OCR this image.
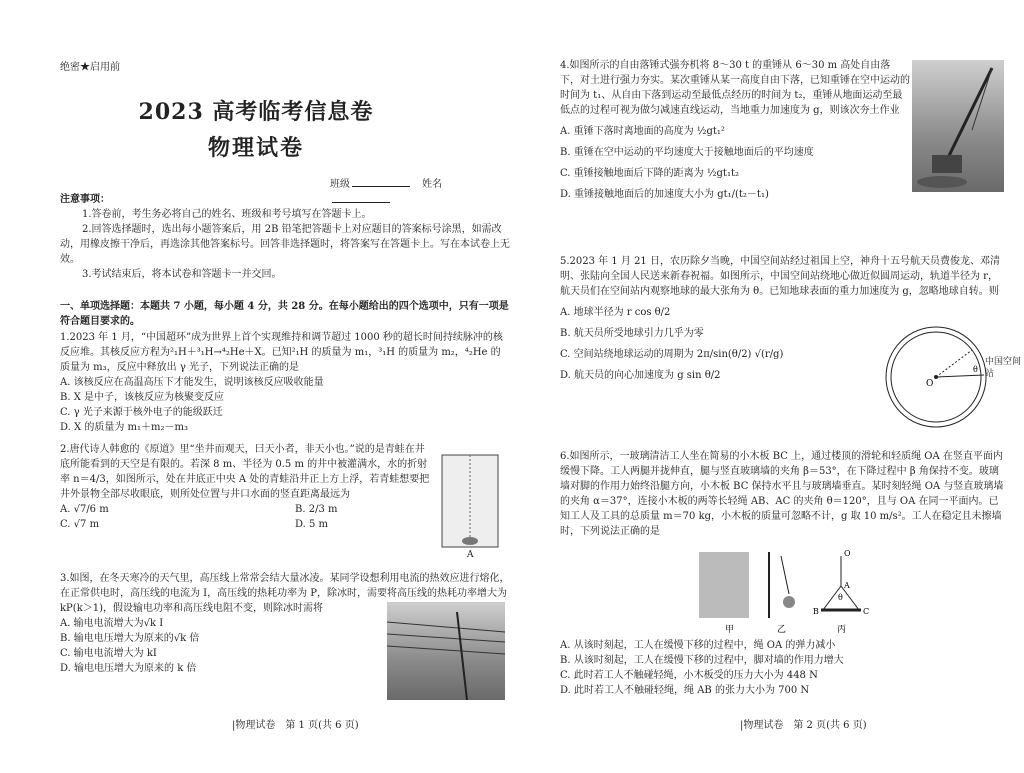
绝密★启用前
2023 高考临考信息卷
物理试卷
班级	姓名

注意事项：

1.答卷前，考生务必将自己的姓名、班级和考号填写在答题卡上。

2.回答选择题时，选出每小题答案后，用 2B 铅笔把答题卡上对应题目的答案标号涂黑，如需改动，用橡皮擦干净后，再选涂其他答案标号。回答非选择题时，将答案写在答题卡上。写在本试卷上无效。

3.考试结束后，将本试卷和答题卡一并交回。

一、单项选择题：本题共 7 小题，每小题 4 分，共 28 分。在每小题给出的四个选项中，只有一项是符合题目要求的。

1.2023 年 1 月，“中国超环”成为世界上首个实现维持和调节超过 1000 秒的超长时间持续脉冲的核反应堆。其核反应方程为²₁H＋³₁H→⁴₂He＋X。已知²₁H 的质量为 m₁，³₁H 的质量为 m₂，⁴₂He 的质量为 m₃，反应中释放出 γ 光子，下列说法正确的是

A. 该核反应在高温高压下才能发生，说明该核反应吸收能量

B. X 是中子，该核反应为核聚变反应

C. γ 光子来源于核外电子的能级跃迁

D. X 的质量为 m₁＋m₂－m₃

2.唐代诗人韩愈的《原道》里“坐井而观天，曰天小者，非天小也。”说的是青蛙在井底所能看到的天空是有限的。若深 8 m、半径为 0.5 m 的井中被灌满水，水的折射率 n＝4/3，如图所示，处在井底正中央 A 处的青蛙沿井正上方上浮，若青蛙想要把井外景物全部尽收眼底，则所处位置与井口水面的竖直距离最远为

A. √7/6 m	B. 2/3 m

C. √7 m	D. 5 m

A

3.如图，在冬天寒冷的天气里，高压线上常常会结大量冰凌。某同学设想利用电流的热效应进行熔化，在正常供电时，高压线的电流为 I，高压线的热耗功率为 P，除冰时，需要将高压线的热耗功率增大为 kP(k＞1)，假设输电功率和高压线电阻不变，则除冰时需将

A. 输电电流增大为√k I

B. 输电电压增大为原来的√k 倍

C. 输电电流增大为 kI

D. 输电电压增大为原来的 k 倍

|物理试卷　第 1 页(共 6 页)

4.如图所示的自由落锤式强夯机将 8～30 t 的重锤从 6～30 m 高处自由落下，对土进行强力夯实。某次重锤从某一高度自由下落，已知重锤在空中运动的时间为 t₁、从自由下落到运动至最低点经历的时间为 t₂，重锤从地面运动至最低点的过程可视为做匀减速直线运动，当地重力加速度为 g，则该次夯土作业

A. 重锤下落时离地面的高度为 ½gt₁²

B. 重锤在空中运动的平均速度大于接触地面后的平均速度

C. 重锤接触地面后下降的距离为 ½gt₁t₂

D. 重锤接触地面后的加速度大小为 gt₁/(t₂－t₁)

5.2023 年 1 月 21 日，农历除夕当晚，中国空间站经过祖国上空，神舟十五号航天员费俊龙、邓清明、张陆向全国人民送来新春祝福。如图所示，中国空间站绕地心做近似圆周运动，轨道半径为 r，航天员们在空间站内观察地球的最大张角为 θ。已知地球表面的重力加速度为 g，忽略地球自转。则

A. 地球半径为 r cos θ/2

B. 航天员所受地球引力几乎为零

C. 空间站绕地球运动的周期为 2π/sin(θ/2) √(r/g)

D. 航天员的向心加速度为 g sin θ/2

O
θ
中国空间站

6.如图所示，一玻璃清洁工人坐在简易的小木板 BC 上，通过楼顶的滑轮和轻质绳 OA 在竖直平面内缓慢下降。工人两腿并拢伸直，腿与竖直玻璃墙的夹角 β＝53°，在下降过程中 β 角保持不变。玻璃墙对脚的作用力始终沿腿方向，小木板 BC 保持水平且与玻璃墙垂直。某时刻轻绳 OA 与竖直玻璃墙的夹角 α＝37°，连接小木板的两等长轻绳 AB、AC 的夹角 θ＝120°，且与 OA 在同一平面内。已知工人及工具的总质量 m＝70 kg，小木板的质量可忽略不计，g 取 10 m/s²。工人在稳定且未擦墙时，下列说法正确的是

甲	乙	丙
O
A
B	C
θ

A. 从该时刻起，工人在缓慢下移的过程中，绳 OA 的弹力减小

B. 从该时刻起，工人在缓慢下移的过程中，脚对墙的作用力增大

C. 此时若工人不触碰轻绳，小木板受的压力大小为 448 N

D. 此时若工人不触碰轻绳，绳 AB 的张力大小为 700 N

|物理试卷　第 2 页(共 6 页)
